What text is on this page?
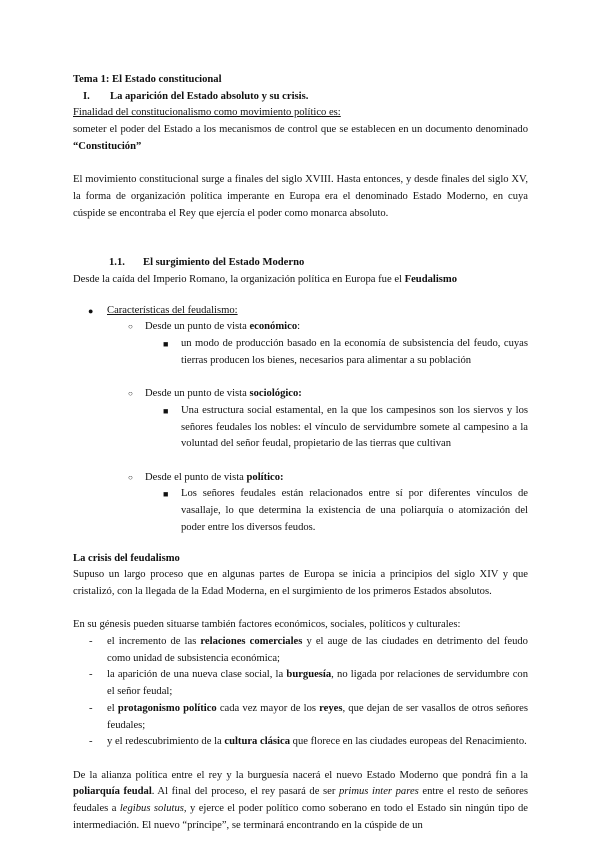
Tema 1: El Estado constitucional

I.	La aparición del Estado absoluto y su crisis.

Finalidad del constitucionalismo como movimiento político es:

someter el poder del Estado a los mecanismos de control que se establecen en un documento denominado “Constitución”

El movimiento constitucional surge a finales del siglo XVIII. Hasta entonces, y desde finales del siglo XV, la forma de organización política imperante en Europa era el denominado Estado Moderno, en cuya cúspide se encontraba el Rey que ejercía el poder como monarca absoluto.

1.1.	El surgimiento del Estado Moderno

Desde la caída del Imperio Romano, la organización política en Europa fue el Feudalismo

● Características del feudalismo:
○ Desde un punto de vista económico:
■ un modo de producción basado en la economía de subsistencia del feudo, cuyas tierras producen los bienes, necesarios para alimentar a su población
○ Desde un punto de vista sociológico:
■ Una estructura social estamental, en la que los campesinos son los siervos y los señores feudales los nobles: el vínculo de servidumbre somete al campesino a la voluntad del señor feudal, propietario de las tierras que cultivan
○ Desde el punto de vista político:
■ Los señores feudales están relacionados entre sí por diferentes vínculos de vasallaje, lo que determina la existencia de una poliarquía o atomización del poder entre los diversos feudos.

La crisis del feudalismo

Supuso un largo proceso que en algunas partes de Europa se inicia a principios del siglo XIV y que cristalizó, con la llegada de la Edad Moderna, en el surgimiento de los primeros Estados absolutos.

En su génesis pueden situarse también factores económicos, sociales, políticos y culturales:

- el incremento de las relaciones comerciales y el auge de las ciudades en detrimento del feudo como unidad de subsistencia económica;
- la aparición de una nueva clase social, la burguesía, no ligada por relaciones de servidumbre con el señor feudal;
- el protagonismo político cada vez mayor de los reyes, que dejan de ser vasallos de otros señores feudales;
- y el redescubrimiento de la cultura clásica que florece en las ciudades europeas del Renacimiento.

De la alianza política entre el rey y la burguesía nacerá el nuevo Estado Moderno que pondrá fin a la poliarquía feudal. Al final del proceso, el rey pasará de ser primus inter pares entre el resto de señores feudales a legibus solutus, y ejerce el poder político como soberano en todo el Estado sin ningún tipo de intermediación. El nuevo “príncipe”, se terminará encontrando en la cúspide de un
